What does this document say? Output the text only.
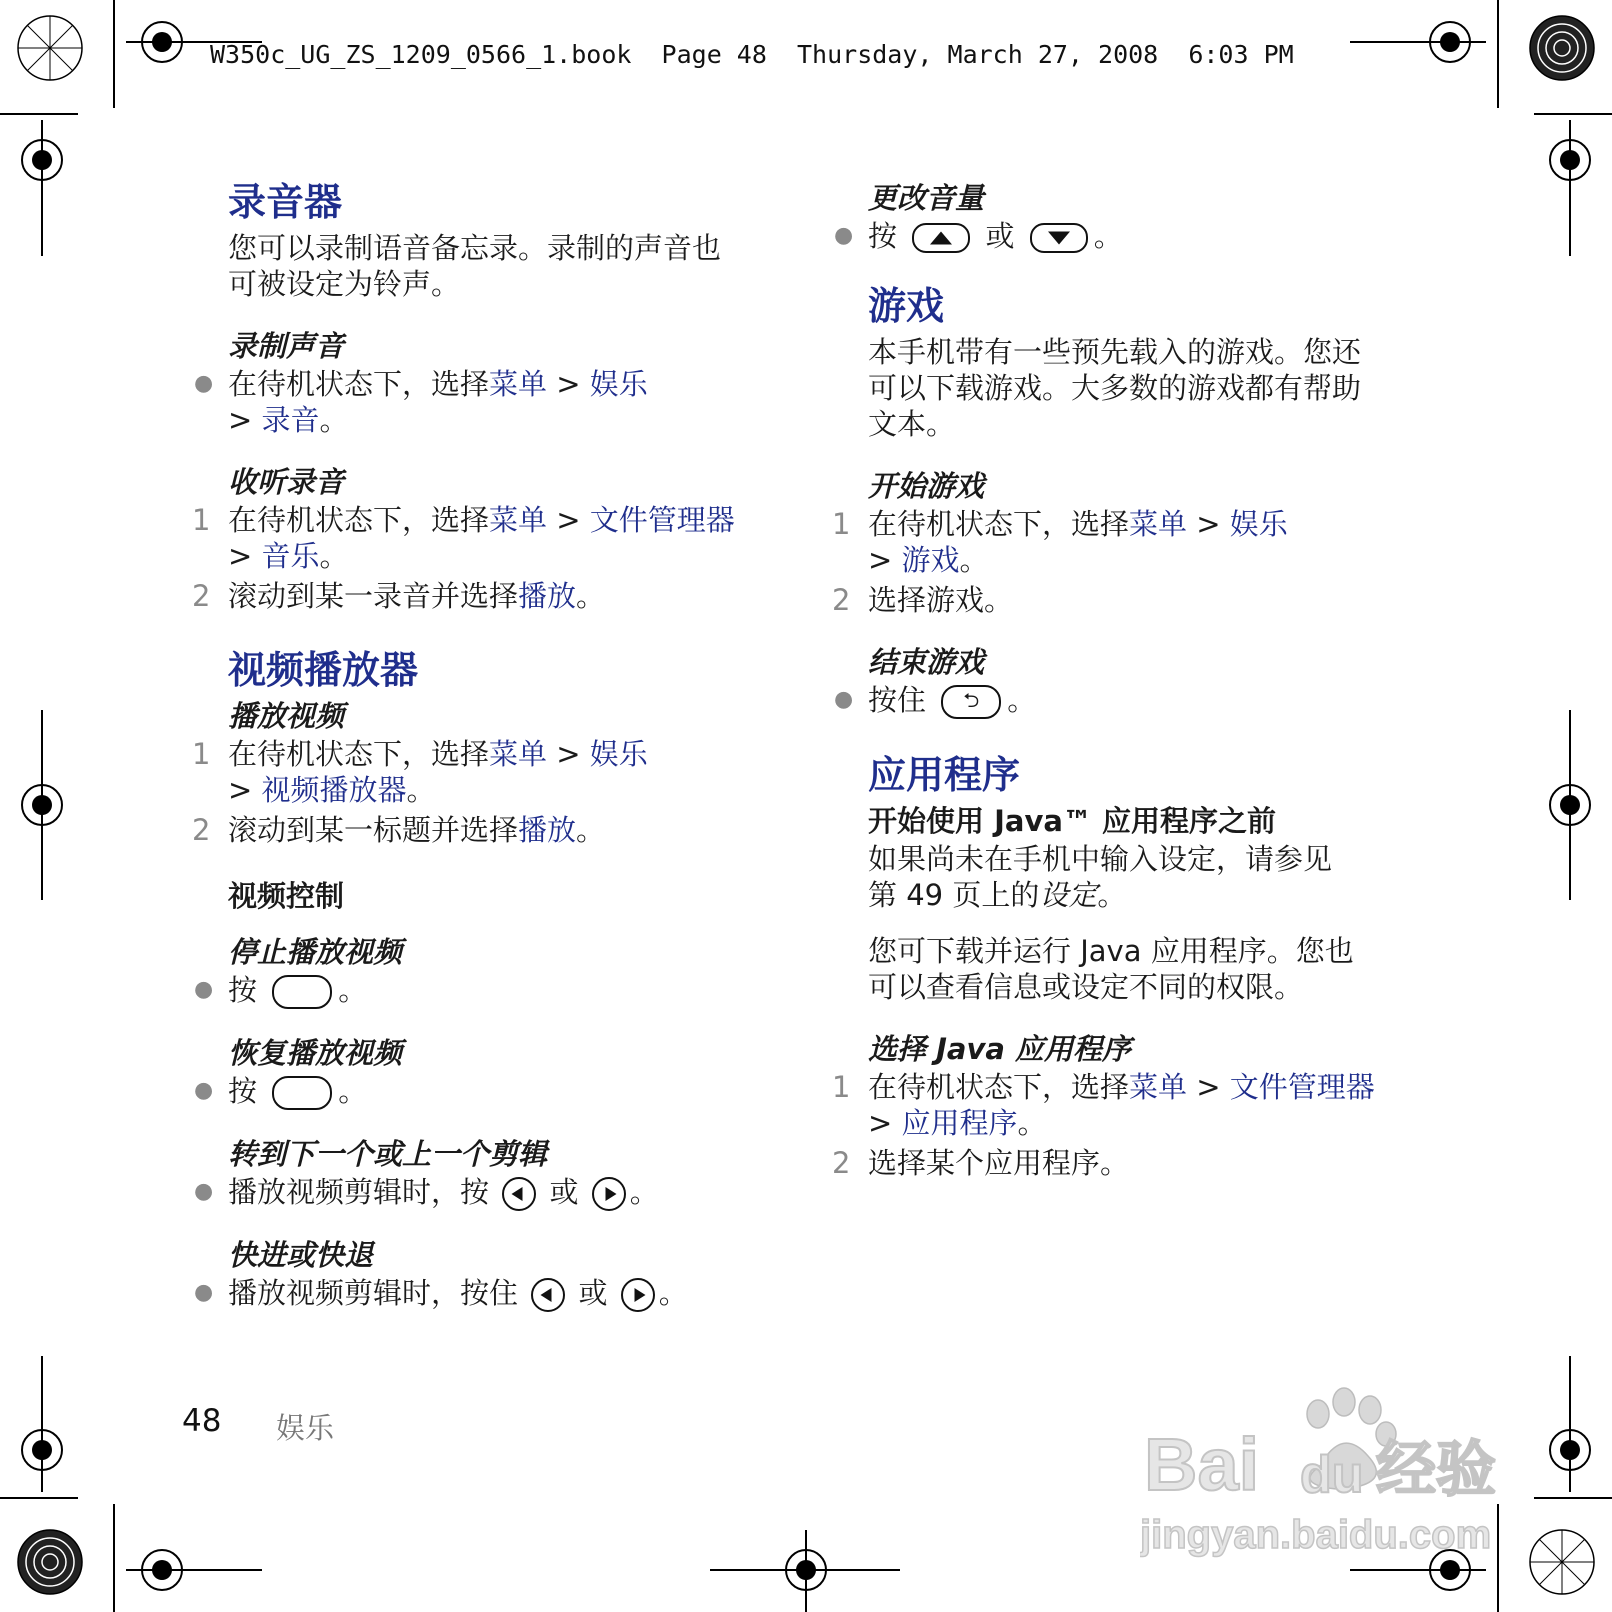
W350c_UG_ZS_1209_0566_1.book  Page 48  Thursday, March 27, 2008  6:03 PM
录音器
您可以录制语音备忘录。录制的声音也
可被设定为铃声。
录制声音
● 在待机状态下，选择菜单 > 娱乐
> 录音。
收听录音
1 在待机状态下，选择菜单 > 文件管理器
> 音乐。
2 滚动到某一录音并选择播放。
视频播放器
播放视频
1 在待机状态下，选择菜单 > 娱乐
> 视频播放器。
2 滚动到某一标题并选择播放。
视频控制
停止播放视频
● 按	。
恢复播放视频
● 按	。
转到下一个或上一个剪辑
● 播放视频剪辑时，按 或 。
快进或快退
● 播放视频剪辑时，按住 或 。
更改音量
● 按	或	。
游戏
本手机带有一些预先载入的游戏。您还
可以下载游戏。大多数的游戏都有帮助
文本。
开始游戏
1 在待机状态下，选择菜单 > 娱乐
> 游戏。
2 选择游戏。
结束游戏
● 按住 ⮌ 。
应用程序
开始使用 Java™ 应用程序之前
如果尚未在手机中输入设定，请参见
第 49 页上的设定。
您可下载并运行 Java 应用程序。您也
可以查看信息或设定不同的权限。
选择 Java 应用程序
1 在待机状态下，选择菜单 > 文件管理器
> 应用程序。
2 选择某个应用程序。
48 娱乐	Bai du 经验
jingyan.baidu.com
